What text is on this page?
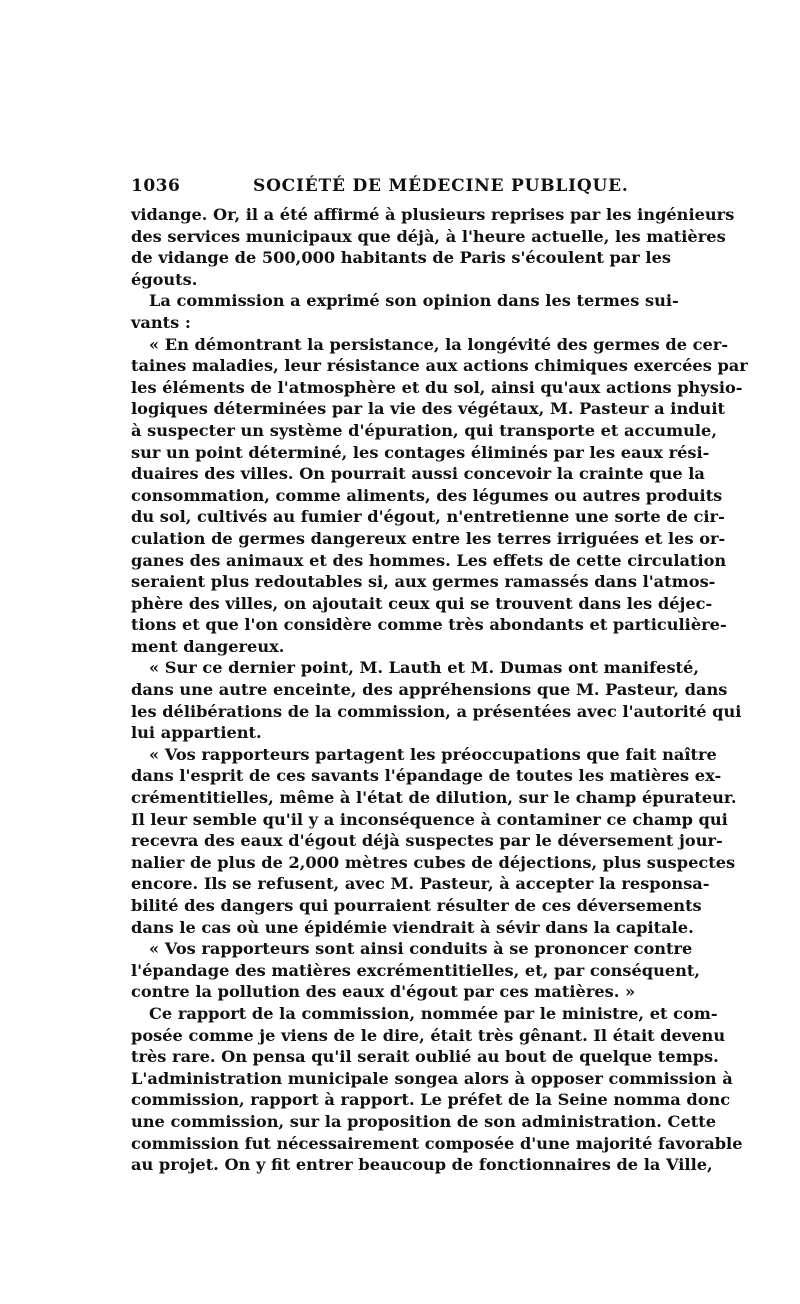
1036	SOCIÉTÉ DE MÉDECINE PUBLIQUE.
vidange. Or, il a été affirmé à plusieurs reprises par les ingénieurs
des services municipaux que déjà, à l'heure actuelle, les matières
de vidange de 500,000 habitants de Paris s'écoulent par les
égouts.
La commission a exprimé son opinion dans les termes sui-
vants :
« En démontrant la persistance, la longévité des germes de cer-
taines maladies, leur résistance aux actions chimiques exercées par
les éléments de l'atmosphère et du sol, ainsi qu'aux actions physio-
logiques déterminées par la vie des végétaux, M. Pasteur a induit
à suspecter un système d'épuration, qui transporte et accumule,
sur un point déterminé, les contages éliminés par les eaux rési-
duaires des villes. On pourrait aussi concevoir la crainte que la
consommation, comme aliments, des légumes ou autres produits
du sol, cultivés au fumier d'égout, n'entretienne une sorte de cir-
culation de germes dangereux entre les terres irriguées et les or-
ganes des animaux et des hommes. Les effets de cette circulation
seraient plus redoutables si, aux germes ramassés dans l'atmos-
phère des villes, on ajoutait ceux qui se trouvent dans les déjec-
tions et que l'on considère comme très abondants et particulière-
ment dangereux.
« Sur ce dernier point, M. Lauth et M. Dumas ont manifesté,
dans une autre enceinte, des appréhensions que M. Pasteur, dans
les délibérations de la commission, a présentées avec l'autorité qui
lui appartient.
« Vos rapporteurs partagent les préoccupations que fait naître
dans l'esprit de ces savants l'épandage de toutes les matières ex-
crémentitielles, même à l'état de dilution, sur le champ épurateur.
Il leur semble qu'il y a inconséquence à contaminer ce champ qui
recevra des eaux d'égout déjà suspectes par le déversement jour-
nalier de plus de 2,000 mètres cubes de déjections, plus suspectes
encore. Ils se refusent, avec M. Pasteur, à accepter la responsa-
bilité des dangers qui pourraient résulter de ces déversements
dans le cas où une épidémie viendrait à sévir dans la capitale.
« Vos rapporteurs sont ainsi conduits à se prononcer contre
l'épandage des matières excrémentitielles, et, par conséquent,
contre la pollution des eaux d'égout par ces matières. »
Ce rapport de la commission, nommée par le ministre, et com-
posée comme je viens de le dire, était très gênant. Il était devenu
très rare. On pensa qu'il serait oublié au bout de quelque temps.
L'administration municipale songea alors à opposer commission à
commission, rapport à rapport. Le préfet de la Seine nomma donc
une commission, sur la proposition de son administration. Cette
commission fut nécessairement composée d'une majorité favorable
au projet. On y fit entrer beaucoup de fonctionnaires de la Ville,
